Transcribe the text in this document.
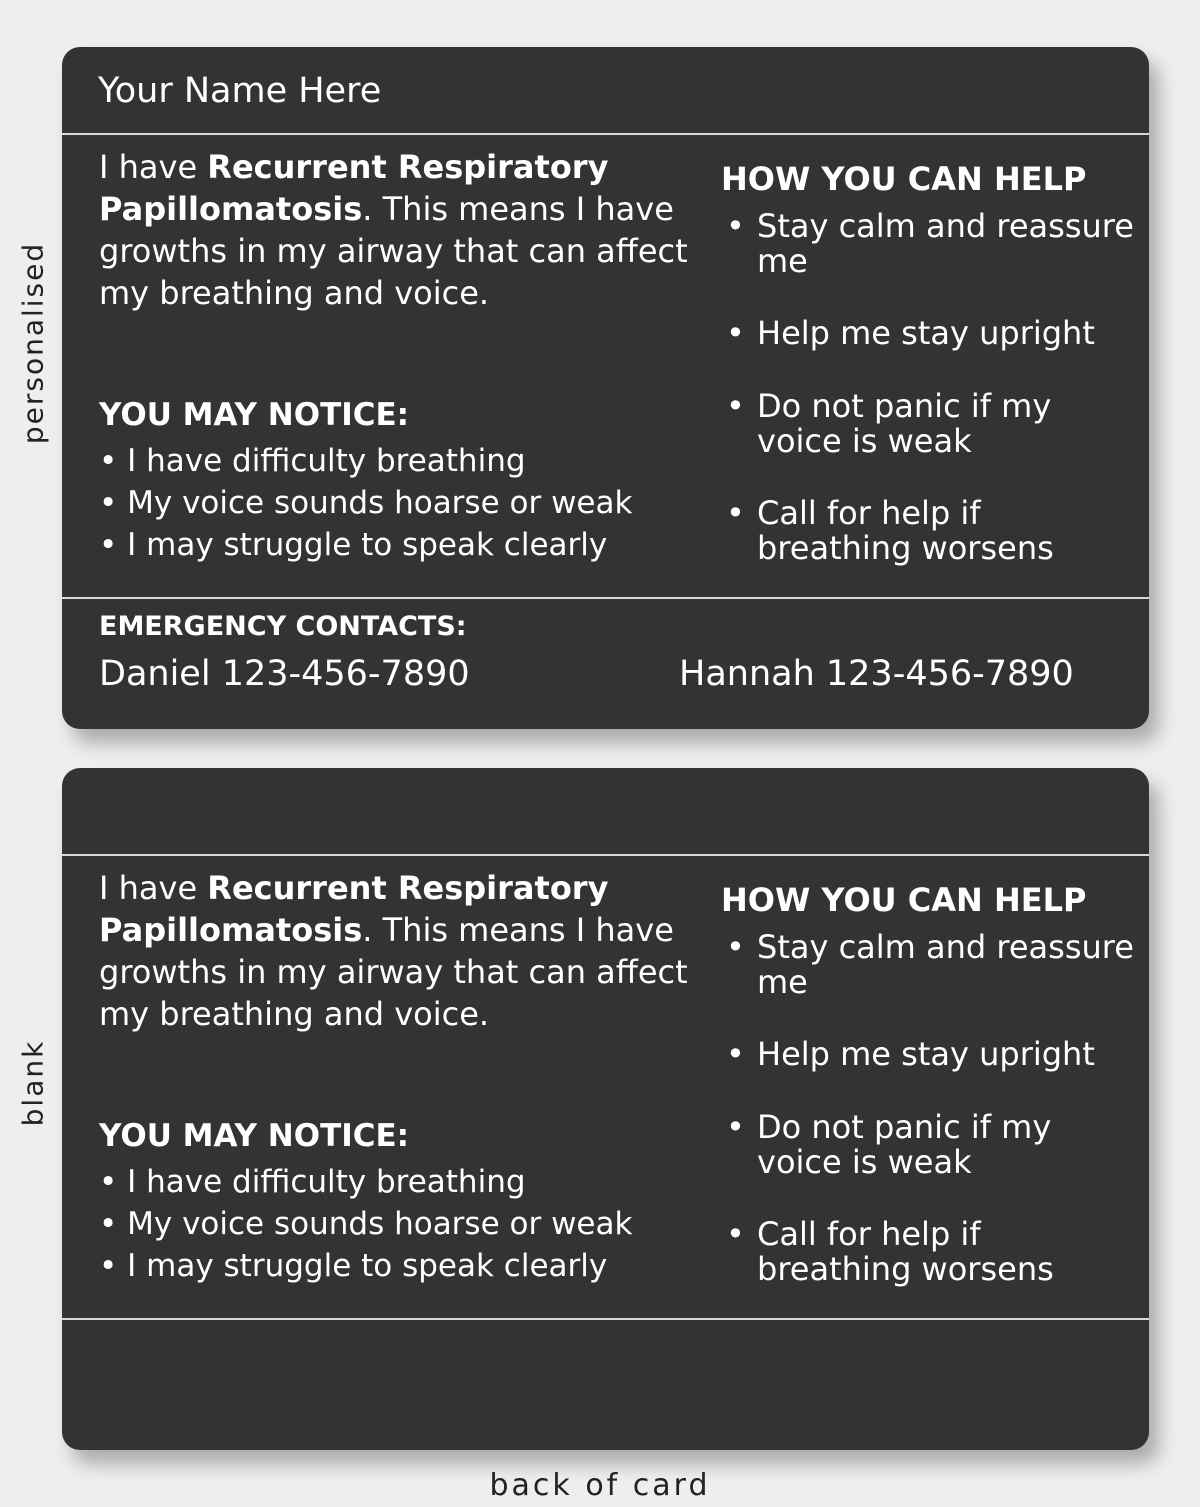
personalised
blank
Your Name Here
I have Recurrent Respiratory Papillomatosis. This means I have growths in my airway that can affect my breathing and voice.
YOU MAY NOTICE:
• I have difficulty breathing
• My voice sounds hoarse or weak
• I may struggle to speak clearly
HOW YOU CAN HELP
• Stay calm and reassure me
• Help me stay upright
• Do not panic if my voice is weak
• Call for help if breathing worsens
EMERGENCY CONTACTS:
Daniel 123-456-7890	Hannah 123-456-7890
I have Recurrent Respiratory Papillomatosis. This means I have growths in my airway that can affect my breathing and voice.
YOU MAY NOTICE:
• I have difficulty breathing
• My voice sounds hoarse or weak
• I may struggle to speak clearly
HOW YOU CAN HELP
• Stay calm and reassure me
• Help me stay upright
• Do not panic if my voice is weak
• Call for help if breathing worsens
back of card
